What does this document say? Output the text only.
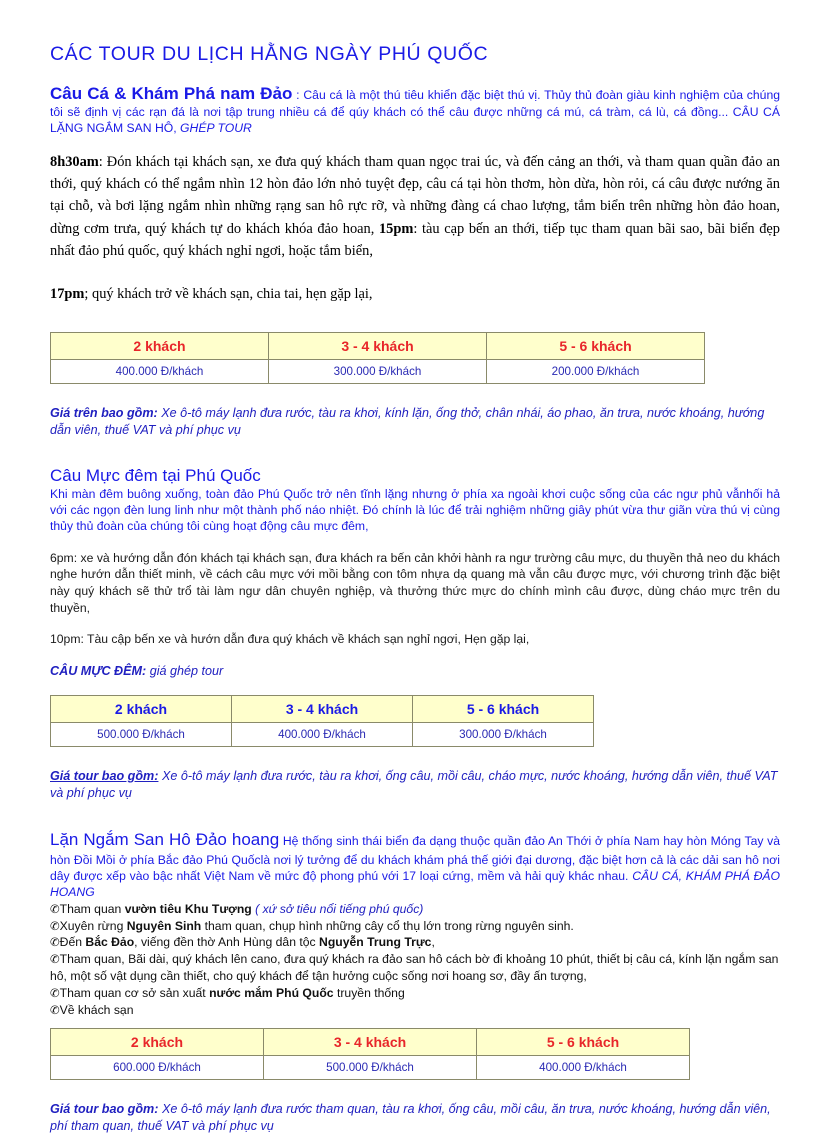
CÁC TOUR DU LỊCH HẰNG NGÀY PHÚ QUỐC

Câu Cá & Khám Phá nam Đảo : Câu cá là một thú tiêu khiển đặc biệt thú vị. Thủy thủ đoàn giàu kinh nghiệm của chúng tôi sẽ định vị các rạn đá là nơi tập trung nhiều cá để qúy khách có thể câu được những cá mú, cá tràm, cá lù, cá đồng... CÂU CÁ LẶNG NGẮM SAN HÔ, GHÉP TOUR

8h30am: Đón khách tại khách sạn, xe đưa quý khách tham quan ngọc trai úc, và đến cảng an thới, và tham quan quần đảo an thới, quý khách có thể ngắm nhìn 12 hòn đảo lớn nhỏ tuyệt đẹp, câu cá tại hòn thơm, hòn dừa, hòn rỏi, cá câu được nướng ăn tại chỗ, và bơi lặng ngắm nhìn những rạng san hô rực rỡ, và những đàng cá chao lượng, tắm biển trên những hòn đảo hoan, dừng cơm trưa, quý khách tự do khách khóa đảo hoan, 15pm: tàu cạp bến an thới, tiếp tục tham quan bãi sao, bãi biển đẹp nhất đảo phú quốc, quý khách nghỉ ngơi, hoặc tắm biển,

17pm; quý khách trở về khách sạn, chia tai, hẹn gặp lại,

2 khách	3 - 4 khách	5 - 6 khách
400.000 Đ/khách	300.000 Đ/khách	200.000 Đ/khách

Giá trên bao gồm: Xe ô-tô máy lạnh đưa rước, tàu ra khơi, kính lặn, ống thở, chân nhái, áo phao, ăn trưa, nước khoáng, hướng dẫn viên, thuế VAT và phí phục vụ

Câu Mực đêm tại Phú Quốc

Khi màn đêm buông xuống, toàn đảo Phú Quốc trở nên tĩnh lặng nhưng ở phía xa ngoài khơi cuộc sống của các ngư phủ vẫnhối hả với các ngọn đèn lung linh như một thành phố náo nhiệt. Đó chính là lúc để trải nghiệm những giây phút vừa thư giãn vừa thú vị cùng thủy thủ đoàn của chúng tôi cùng hoạt động câu mực đêm,

6pm: xe và hướng dẫn đón khách tại khách sạn, đưa khách ra bến cản khởi hành ra ngư trường câu mực, du thuyền thả neo du khách nghe hướn dẫn thiết minh, về cách câu mực với mồi bằng con tôm nhựa dạ quang mà vẫn câu được mực, với chương trình đặc biệt này quý khách sẽ thử trổ tài làm ngư dân chuyên nghiệp, và thưởng thức mực do chính mình câu được, dùng cháo mực trên du thuyền,

10pm: Tàu cập bến xe và hướn dẫn đưa quý khách về khách sạn nghỉ ngơi, Hẹn gặp lại,

CÂU MỰC ĐÊM: giá ghép tour

2 khách	3 - 4 khách	5 - 6 khách
500.000 Đ/khách	400.000 Đ/khách	300.000 Đ/khách

Giá tour bao gồm: Xe ô-tô máy lạnh đưa rước, tàu ra khơi, ống câu, mồi câu, cháo mực, nước khoáng, hướng dẫn viên, thuế VAT và phí phục vụ

Lặn Ngắm San Hô Đảo hoang Hệ thống sinh thái biển đa dạng thuộc quần đảo An Thới ở phía Nam hay hòn Móng Tay và hòn Đồi Mồi ở phía Bắc đảo Phú Quốclà nơi lý tưởng để du khách khám phá thế giới đại dương, đặc biệt hơn cả là các dải san hô nơi dây được xếp vào bậc nhất Việt Nam về mức độ phong phú với 17 loại cứng, mềm và hải quỳ khác nhau. CÂU CÁ, KHÁM PHÁ ĐẢO HOANG

✆Tham quan vườn tiêu Khu Tượng ( xứ sở tiêu nổi tiếng phú quốc)

✆Xuyên rừng Nguyên Sinh tham quan, chụp hình những cây cổ thụ lớn trong rừng nguyên sinh.

✆Đến Bắc Đảo, viếng đền thờ Anh Hùng dân tộc Nguyễn Trung Trực,

✆Tham quan, Bãi dài, quý khách lên cano, đưa quý khách ra đảo san hô cách bờ đi khoảng 10 phút, thiết bị câu cá, kính lặn ngắm san hô, một số vật dụng cần thiết, cho quý khách để tận hưởng cuộc sống nơi hoang sơ, đầy ấn tượng,

✆Tham quan cơ sở sản xuất nước mắm Phú Quốc truyền thống

✆Về khách sạn

2 khách	3 - 4 khách	5 - 6 khách
600.000 Đ/khách	500.000 Đ/khách	400.000 Đ/khách

Giá tour bao gồm: Xe ô-tô máy lạnh đưa rước tham quan, tàu ra khơi, ống câu, mồi câu, ăn trưa, nước khoáng, hướng dẫn viên, phí tham quan, thuế VAT và phí phục vụ
